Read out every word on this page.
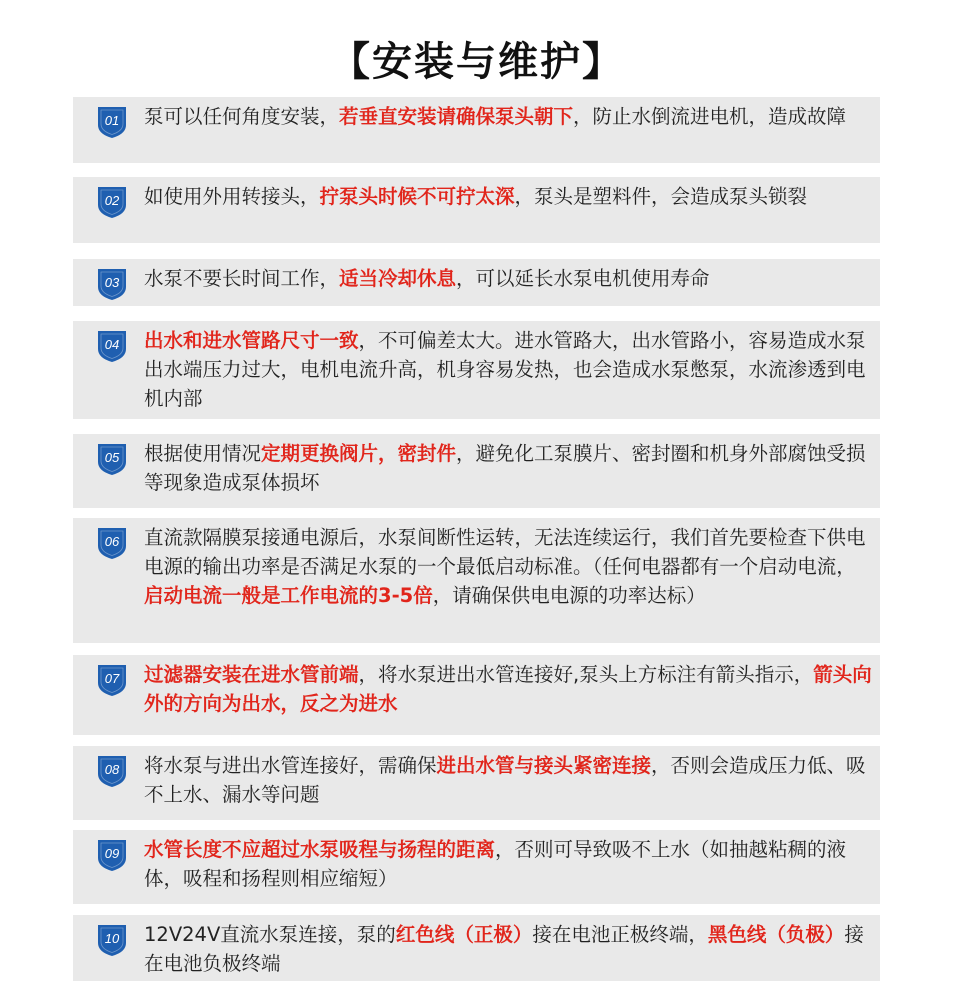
【安装与维护】
01	泵可以任何角度安装，若垂直安装请确保泵头朝下，防止水倒流进电机，造成故障
02	如使用外用转接头，拧泵头时候不可拧太深，泵头是塑料件，会造成泵头锁裂
03	水泵不要长时间工作，适当冷却休息，可以延长水泵电机使用寿命
04	出水和进水管路尺寸一致，不可偏差太大。进水管路大，出水管路小，容易造成水泵出水端压力过大，电机电流升高，机身容易发热，也会造成水泵憋泵，水流渗透到电机内部
05	根据使用情况定期更换阀片，密封件，避免化工泵膜片、密封圈和机身外部腐蚀受损等现象造成泵体损坏
06	直流款隔膜泵接通电源后，水泵间断性运转，无法连续运行，我们首先要检查下供电电源的输出功率是否满足水泵的一个最低启动标准。（任何电器都有一个启动电流，启动电流一般是工作电流的3-5倍，请确保供电电源的功率达标）
07	过滤器安装在进水管前端，将水泵进出水管连接好,泵头上方标注有箭头指示，箭头向外的方向为出水，反之为进水
08	将水泵与进出水管连接好，需确保进出水管与接头紧密连接，否则会造成压力低、吸不上水、漏水等问题
09	水管长度不应超过水泵吸程与扬程的距离，否则可导致吸不上水（如抽越粘稠的液体，吸程和扬程则相应缩短）
10	12V24V直流水泵连接，泵的红色线（正极）接在电池正极终端，黑色线（负极）接在电池负极终端
